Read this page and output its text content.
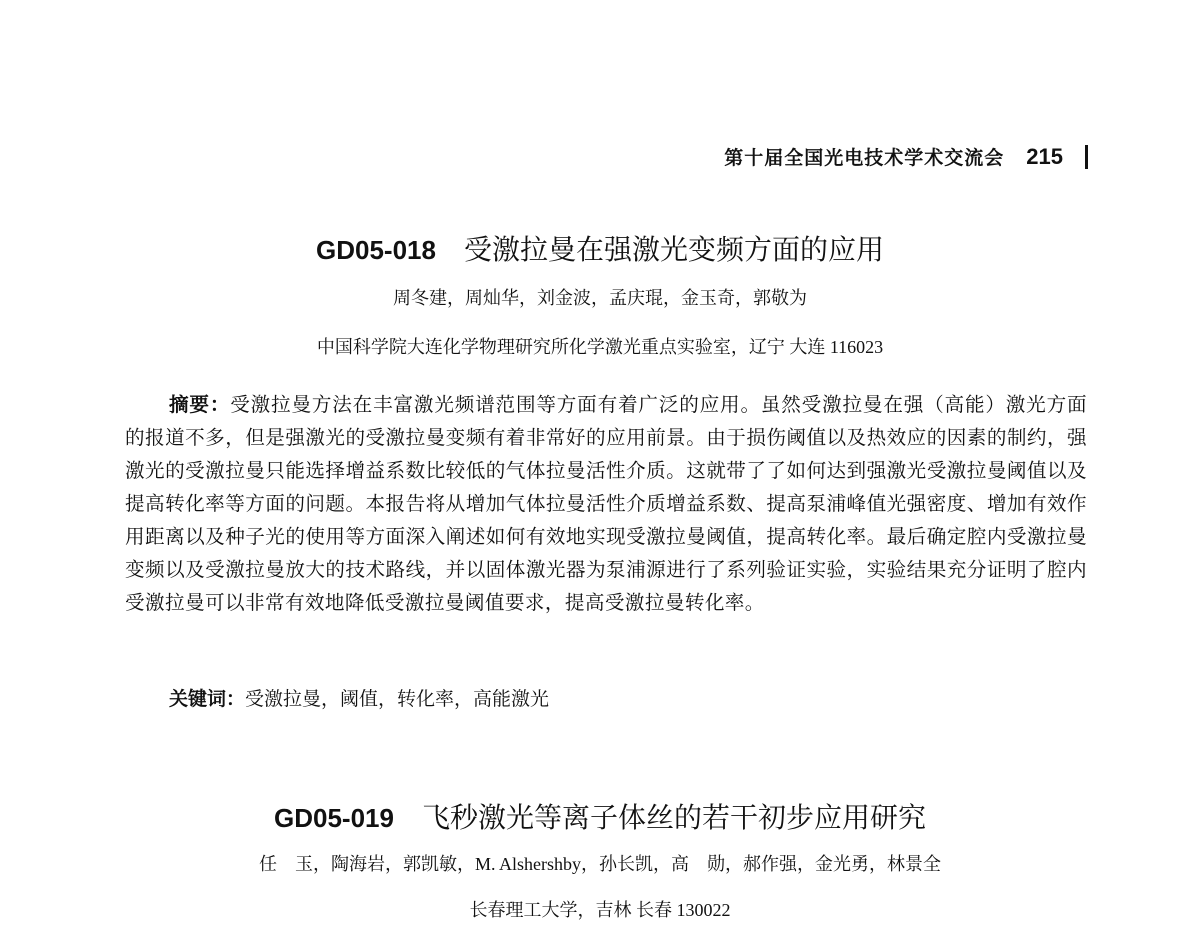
第十届全国光电技术学术交流会 215
GD05-018 受激拉曼在强激光变频方面的应用
周冬建，周灿华，刘金波，孟庆琨，金玉奇，郭敬为
中国科学院大连化学物理研究所化学激光重点实验室，辽宁 大连 116023
摘要：受激拉曼方法在丰富激光频谱范围等方面有着广泛的应用。虽然受激拉曼在强（高能）激光方面的报道不多，但是强激光的受激拉曼变频有着非常好的应用前景。由于损伤阈值以及热效应的因素的制约，强激光的受激拉曼只能选择增益系数比较低的气体拉曼活性介质。这就带了了如何达到强激光受激拉曼阈值以及提高转化率等方面的问题。本报告将从增加气体拉曼活性介质增益系数、提高泵浦峰值光强密度、增加有效作用距离以及种子光的使用等方面深入阐述如何有效地实现受激拉曼阈值，提高转化率。最后确定腔内受激拉曼变频以及受激拉曼放大的技术路线，并以固体激光器为泵浦源进行了系列验证实验，实验结果充分证明了腔内受激拉曼可以非常有效地降低受激拉曼阈值要求，提高受激拉曼转化率。
关键词：受激拉曼，阈值，转化率，高能激光
GD05-019 飞秒激光等离子体丝的若干初步应用研究
任　玉，陶海岩，郭凯敏，M. Alshershby，孙长凯，高　勋，郝作强，金光勇，林景全
长春理工大学，吉林 长春 130022
